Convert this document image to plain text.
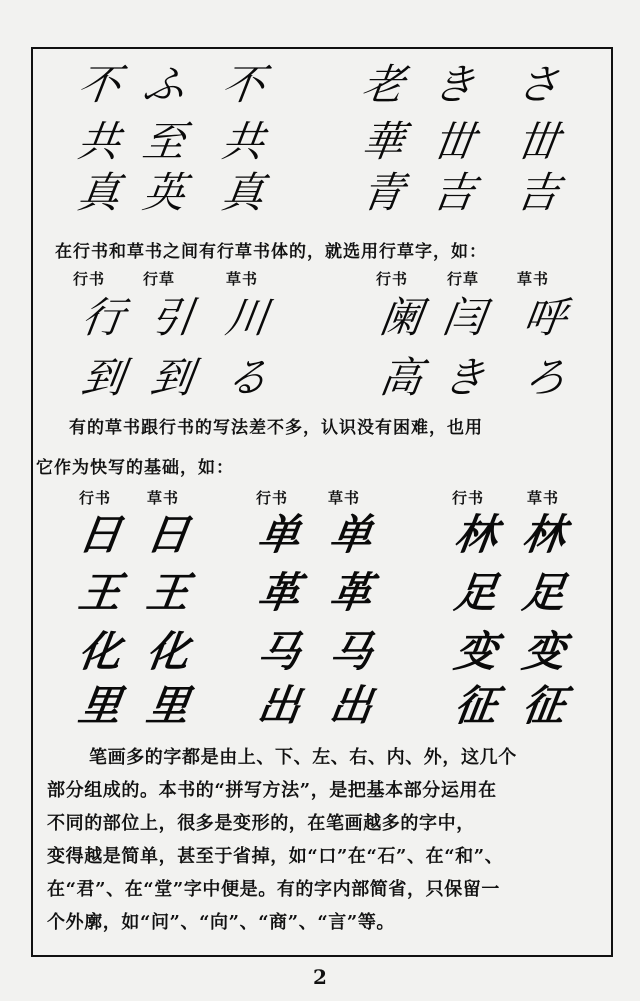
不 ふ 不 老 き さ
共 至 共 華 丗 丗
真 英 真 青 吉 吉
在行书和草书之间有行草书体的，就选用行草字，如：
行书	行草	草书	行书	行草	草书
行 引 川	阑 闫 呼
到 到 る	高 き ろ
有的草书跟行书的写法差不多，认识没有困难，也用
它作为快写的基础，如：
行书 草书	行书	草书	行书	草书
日 日 单 单 林 林
王 王 革 革 足 足
化 化 马 马 变 变
里 里 出 出 征 征
笔画多的字都是由上、下、左、右、内、外，这几个
部分组成的。本书的“拼写方法”，是把基本部分运用在
不同的部位上，很多是变形的，在笔画越多的字中，
变得越是简单，甚至于省掉，如“口”在“石”、在“和”、
在“君”、在“堂”字中便是。有的字内部简省，只保留一
个外廓，如“问”、“向”、“商”、“言”等。
2
